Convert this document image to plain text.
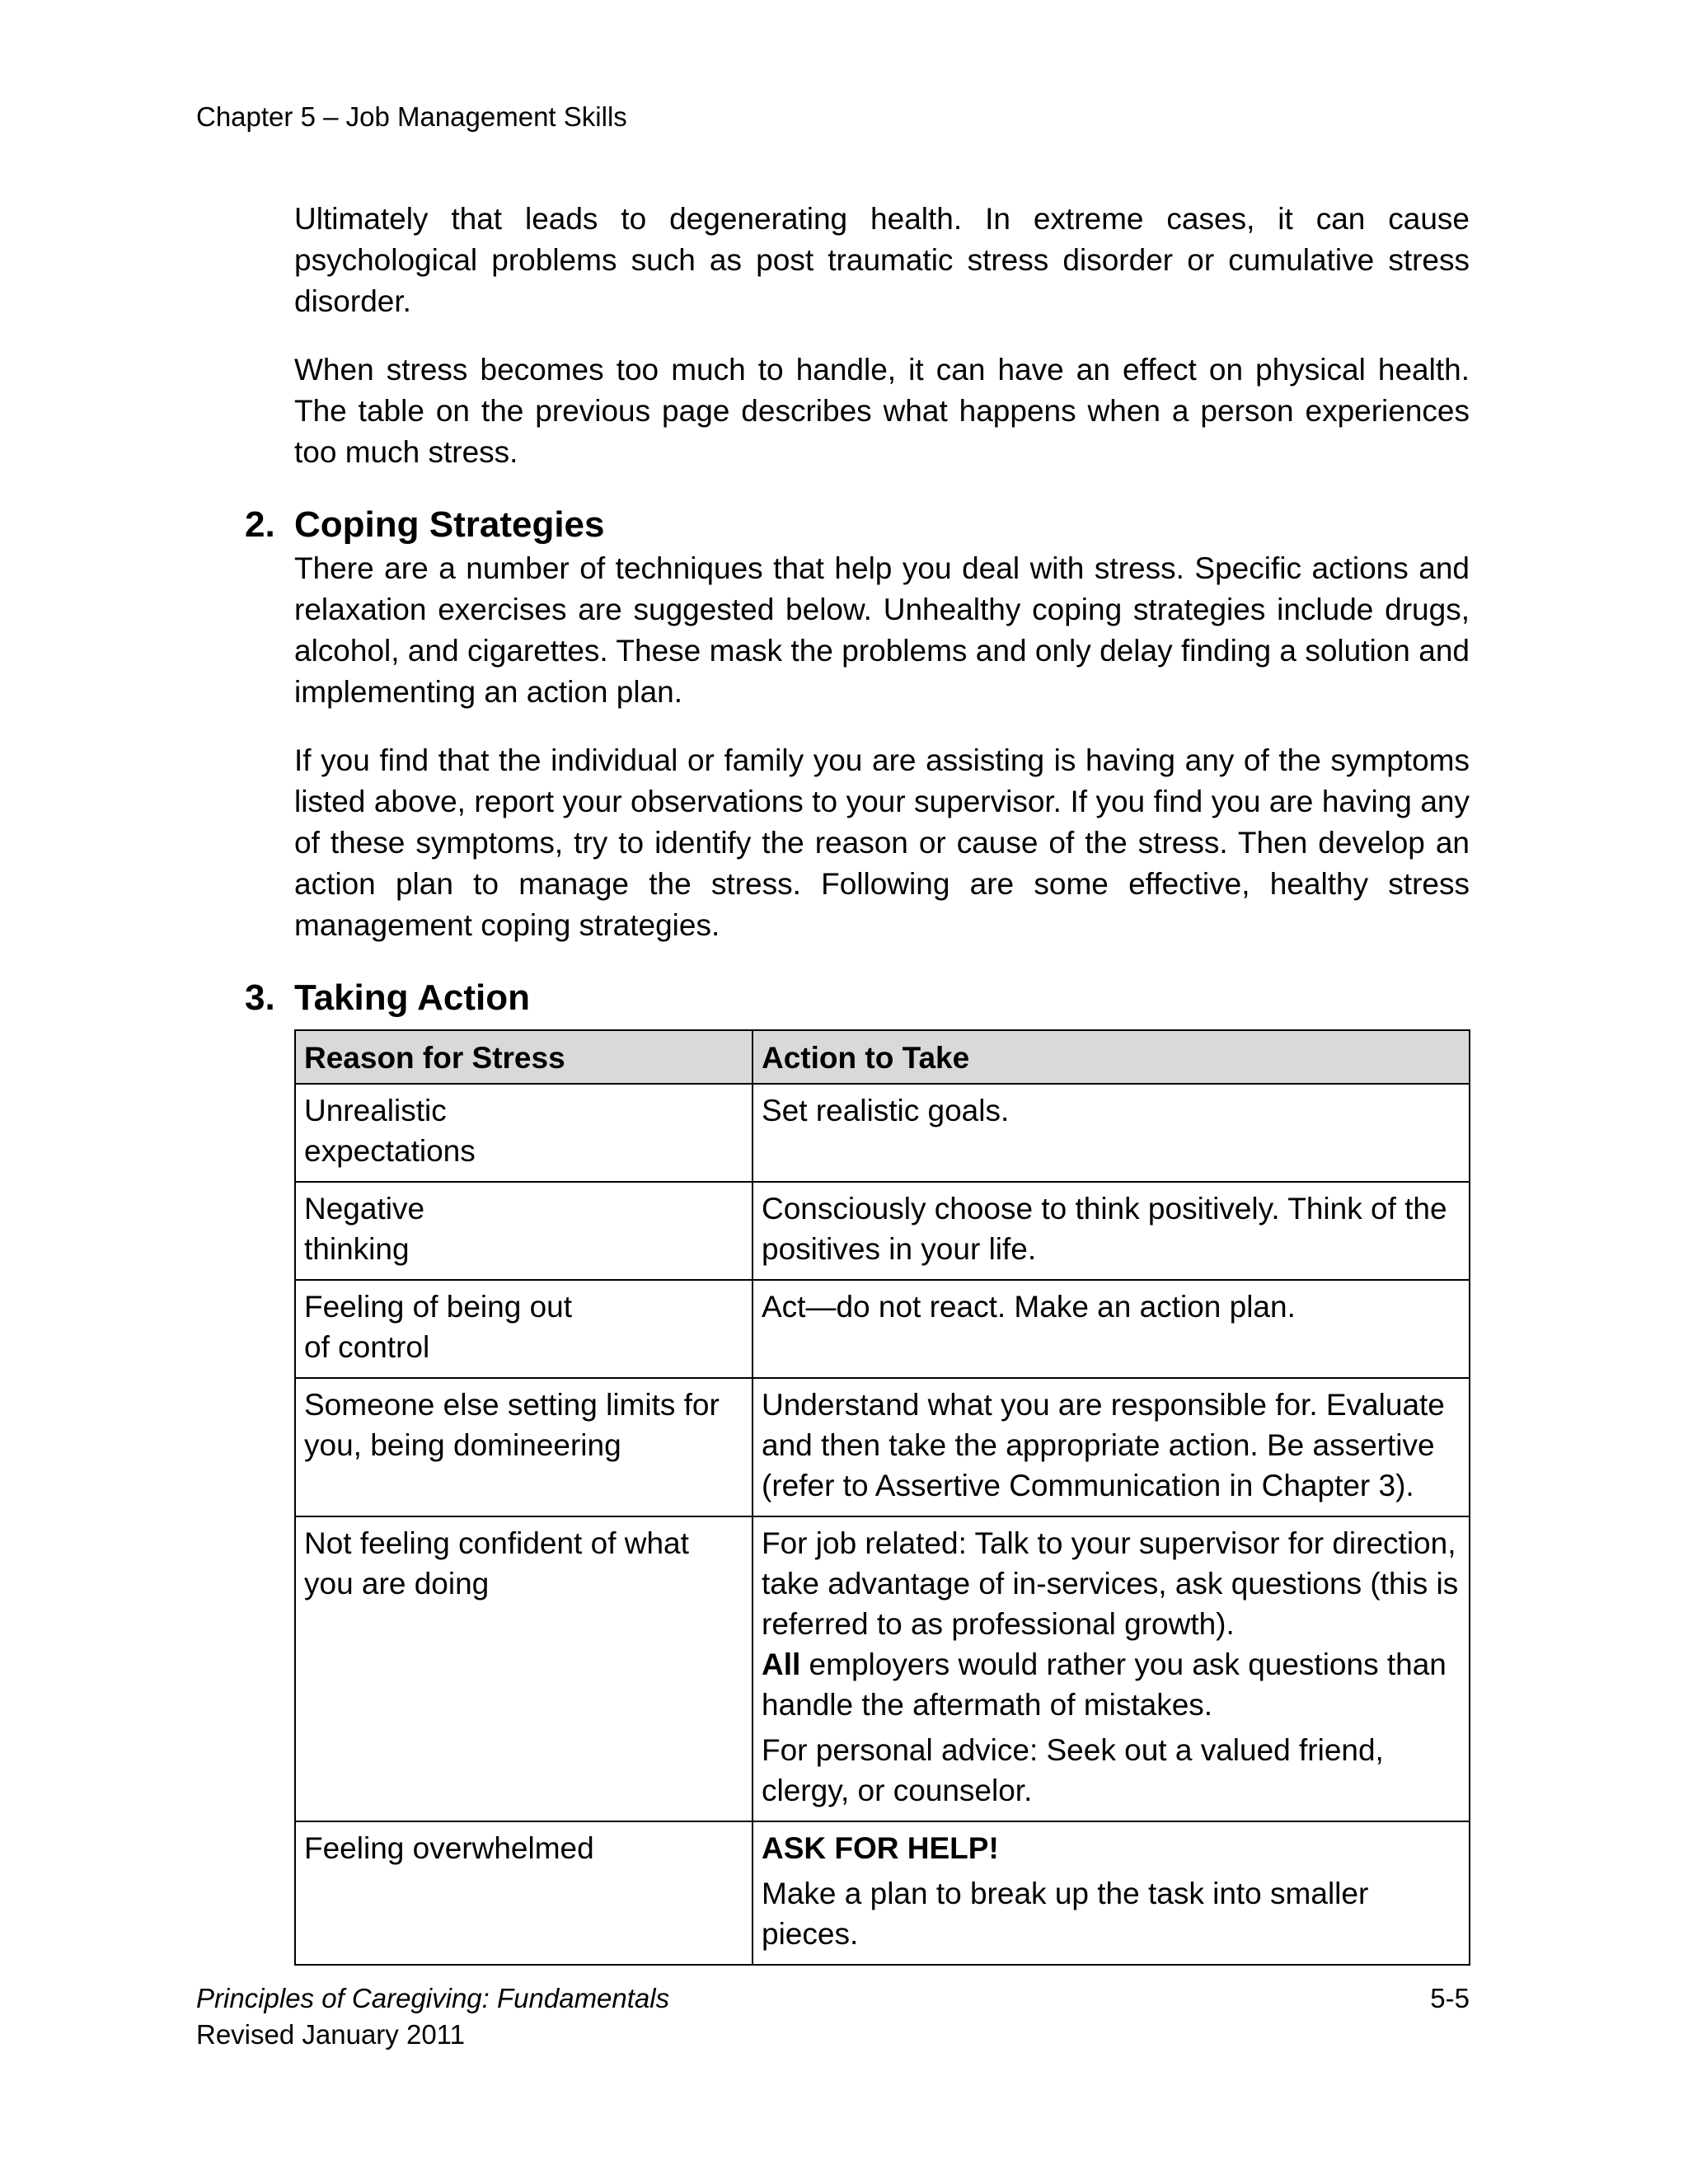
Chapter 5 – Job Management Skills

Ultimately that leads to degenerating health. In extreme cases, it can cause psychological problems such as post traumatic stress disorder or cumulative stress disorder.

When stress becomes too much to handle, it can have an effect on physical health. The table on the previous page describes what happens when a person experiences too much stress.

2. Coping Strategies

There are a number of techniques that help you deal with stress. Specific actions and relaxation exercises are suggested below. Unhealthy coping strategies include drugs, alcohol, and cigarettes. These mask the problems and only delay finding a solution and implementing an action plan.

If you find that the individual or family you are assisting is having any of the symptoms listed above, report your observations to your supervisor. If you find you are having any of these symptoms, try to identify the reason or cause of the stress. Then develop an action plan to manage the stress. Following are some effective, healthy stress management coping strategies.

3. Taking Action
Reason for Stress	Action to Take

Unrealistic
expectations	Set realistic goals.

Negative
thinking	Consciously choose to think positively. Think of the positives in your life.

Feeling of being out
of control	Act—do not react. Make an action plan.
Someone else setting limits for you, being domineering	Understand what you are responsible for. Evaluate and then take the appropriate action. Be assertive (refer to Assertive Communication in Chapter 3).
Not feeling confident of what you are doing	For job related: Talk to your supervisor for direction, take advantage of in-services, ask questions (this is referred to as professional growth).
All employers would rather you ask questions than handle the aftermath of mistakes.
For personal advice: Seek out a valued friend, clergy, or counselor.

Feeling overwhelmed	ASK FOR HELP!
Make a plan to break up the task into smaller pieces.
Principles of Caregiving: Fundamentals
Revised January 2011
5-5
